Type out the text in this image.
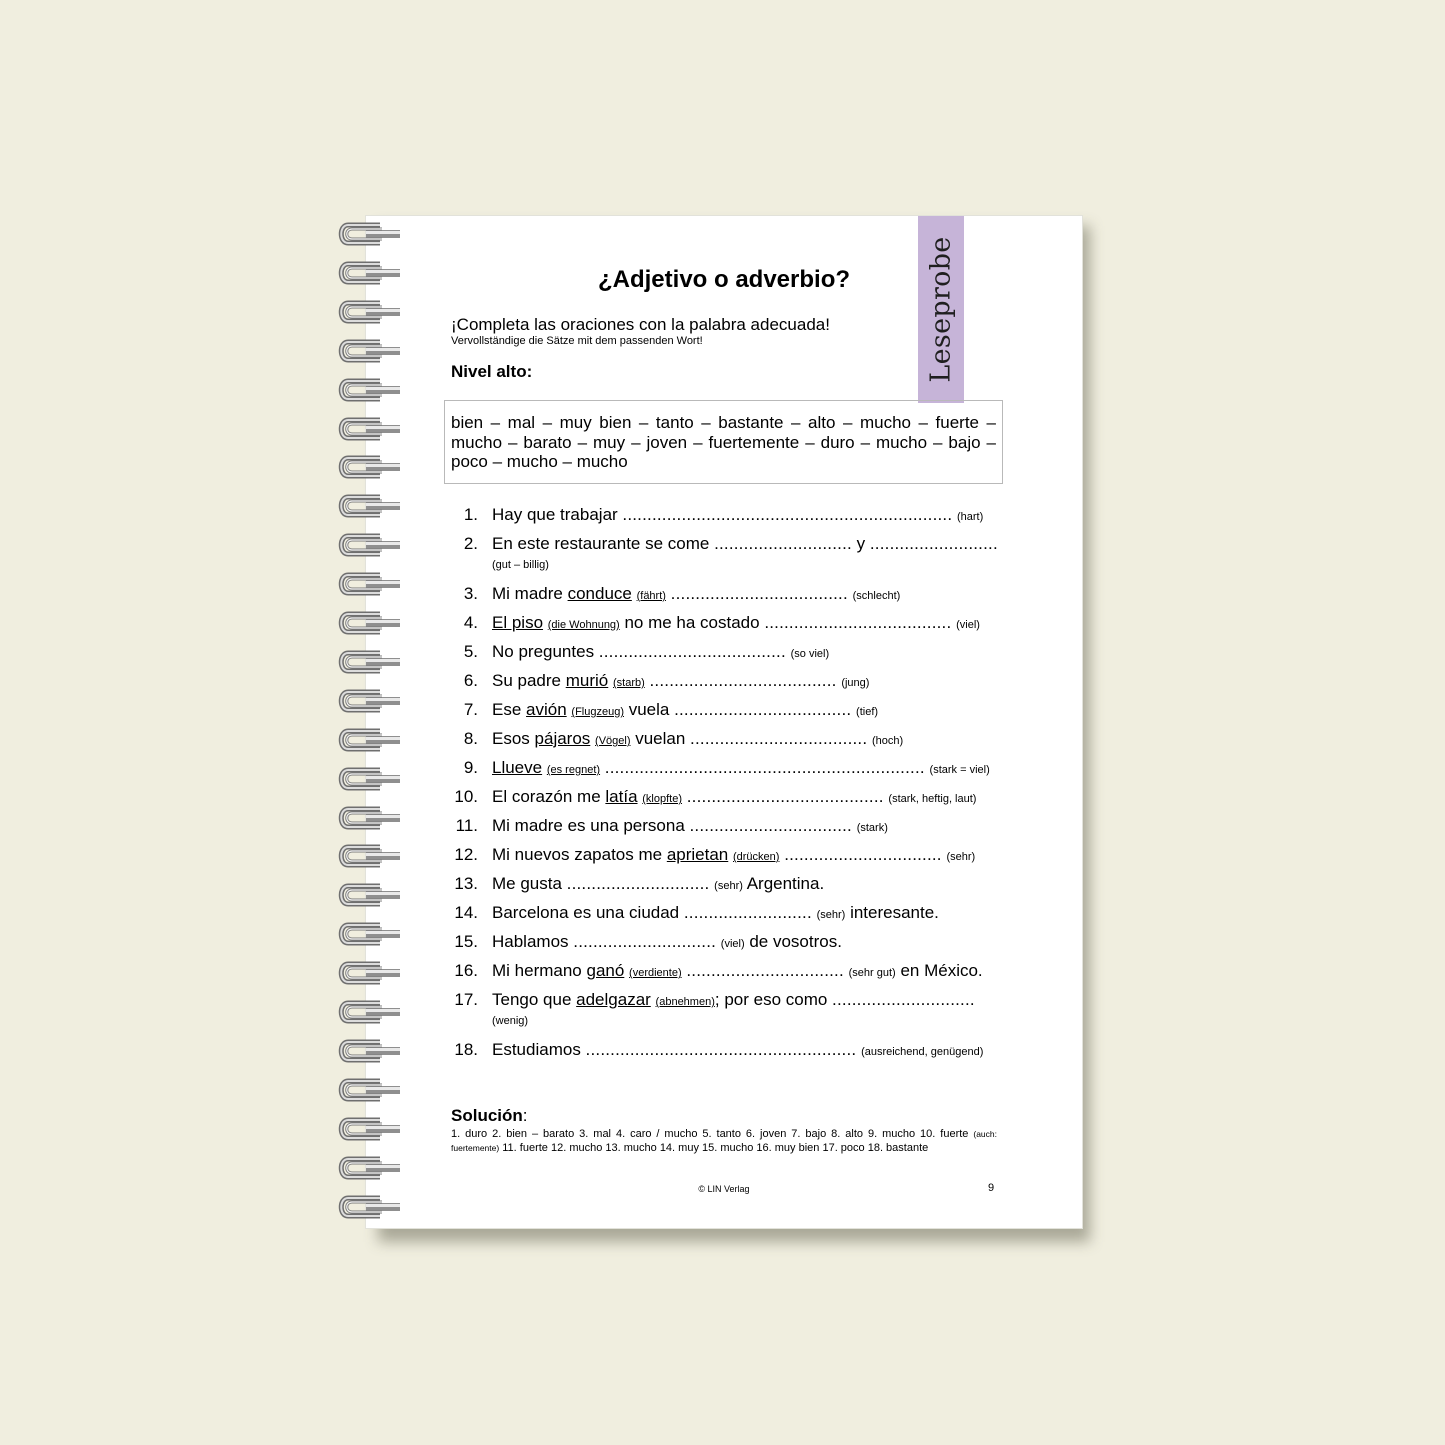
Leseprobe
¿Adjetivo o adverbio?
¡Completa las oraciones con la palabra adecuada!
Vervollständige die Sätze mit dem passenden Wort!
Nivel alto:
bien – mal – muy bien – tanto – bastante – alto – mucho – fuerte – mucho – barato – muy – joven – fuertemente – duro – mucho – bajo – poco – mucho – mucho
1. Hay que trabajar ................................................................... (hart)
2. En este restaurante se come ............................ y ..........................
(gut – billig)
3. Mi madre conduce (fährt) .................................... (schlecht)
4. El piso (die Wohnung) no me ha costado ...................................... (viel)
5. No preguntes ...................................... (so viel)
6. Su padre murió (starb) ...................................... (jung)
7. Ese avión (Flugzeug) vuela .................................... (tief)
8. Esos pájaros (Vögel) vuelan .................................... (hoch)
9. Llueve (es regnet) ................................................................. (stark = viel)
10. El corazón me latía (klopfte) ........................................ (stark, heftig, laut)
11. Mi madre es una persona ................................. (stark)
12. Mi nuevos zapatos me aprietan (drücken) ................................ (sehr)
13. Me gusta ............................. (sehr) Argentina.
14. Barcelona es una ciudad .......................... (sehr) interesante.
15. Hablamos ............................. (viel) de vosotros.
16. Mi hermano ganó (verdiente) ................................ (sehr gut) en México.
17. Tengo que adelgazar (abnehmen); por eso como .............................
(wenig)
18. Estudiamos ....................................................... (ausreichend, genügend)
Solución:
1. duro 2. bien – barato 3. mal 4. caro / mucho 5. tanto 6. joven 7. bajo 8. alto 9. mucho 10. fuerte (auch: fuertemente) 11. fuerte 12. mucho 13. mucho 14. muy 15. mucho 16. muy bien 17. poco 18. bastante
© LIN Verlag	9
